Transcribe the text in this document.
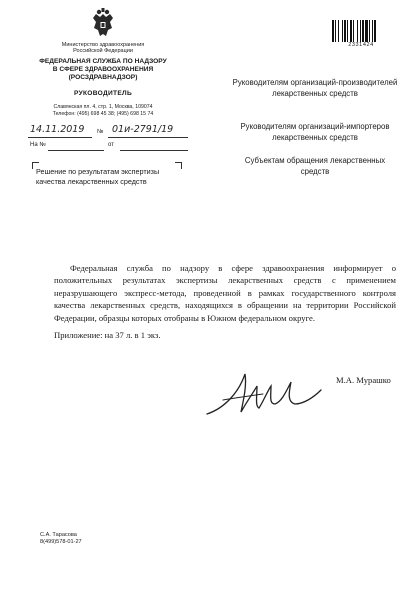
Министерство здравоохранения
Российской Федерации
ФЕДЕРАЛЬНАЯ СЛУЖБА ПО НАДЗОРУ
В СФЕРЕ ЗДРАВООХРАНЕНИЯ
(РОСЗДРАВНАДЗОР)
РУКОВОДИТЕЛЬ
Славянская пл. 4, стр. 1, Москва, 109074
Телефон: (495) 698 45 38; (495) 698 15 74
14.11.2019 № 01и-2791/19
На №	от
Решение по результатам экспертизы качества лекарственных средств
2331424
Руководителям организаций-производителей лекарственных средств
Руководителям организаций-импортеров лекарственных средств
Субъектам обращения лекарственных средств
Федеральная служба по надзору в сфере здравоохранения информирует о положительных результатах экспертизы лекарственных средств с применением неразрушающего экспресс-метода, проведенной в рамках государственного контроля качества лекарственных средств, находящихся в обращении на территории Российской Федерации, образцы которых отобраны в Южном федеральном округе.
Приложение: на 37 л. в 1 экз.
М.А. Мурашко
С.А. Тарасова
8(499)578-01-27
